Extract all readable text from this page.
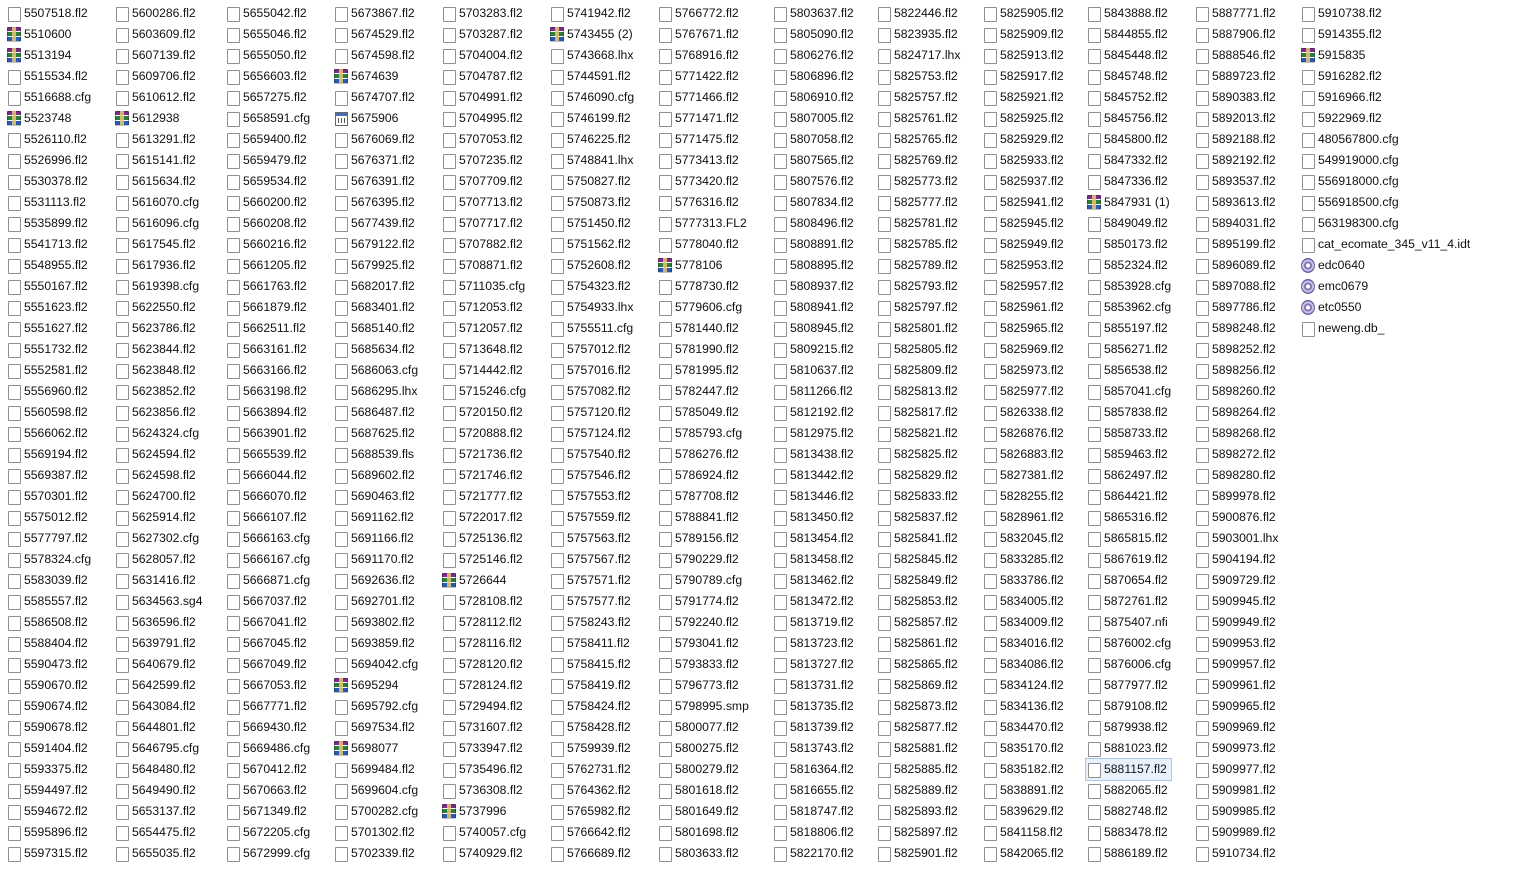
5507518.fl2
5510600
5513194
5515534.fl2
5516688.cfg
5523748
5526110.fl2
5526996.fl2
5530378.fl2
5531113.fl2
5535899.fl2
5541713.fl2
5548955.fl2
5550167.fl2
5551623.fl2
5551627.fl2
5551732.fl2
5552581.fl2
5556960.fl2
5560598.fl2
5566062.fl2
5569194.fl2
5569387.fl2
5570301.fl2
5575012.fl2
5577797.fl2
5578324.cfg
5583039.fl2
5585557.fl2
5586508.fl2
5588404.fl2
5590473.fl2
5590670.fl2
5590674.fl2
5590678.fl2
5591404.fl2
5593375.fl2
5594497.fl2
5594672.fl2
5595896.fl2
5597315.fl2
5600286.fl2
5603609.fl2
5607139.fl2
5609706.fl2
5610612.fl2
5612938
5613291.fl2
5615141.fl2
5615634.fl2
5616070.cfg
5616096.cfg
5617545.fl2
5617936.fl2
5619398.cfg
5622550.fl2
5623786.fl2
5623844.fl2
5623848.fl2
5623852.fl2
5623856.fl2
5624324.cfg
5624594.fl2
5624598.fl2
5624700.fl2
5625914.fl2
5627302.cfg
5628057.fl2
5631416.fl2
5634563.sg4
5636596.fl2
5639791.fl2
5640679.fl2
5642599.fl2
5643084.fl2
5644801.fl2
5646795.cfg
5648480.fl2
5649490.fl2
5653137.fl2
5654475.fl2
5655035.fl2
5655042.fl2
5655046.fl2
5655050.fl2
5656603.fl2
5657275.fl2
5658591.cfg
5659400.fl2
5659479.fl2
5659534.fl2
5660200.fl2
5660208.fl2
5660216.fl2
5661205.fl2
5661763.fl2
5661879.fl2
5662511.fl2
5663161.fl2
5663166.fl2
5663198.fl2
5663894.fl2
5663901.fl2
5665539.fl2
5666044.fl2
5666070.fl2
5666107.fl2
5666163.cfg
5666167.cfg
5666871.cfg
5667037.fl2
5667041.fl2
5667045.fl2
5667049.fl2
5667053.fl2
5667771.fl2
5669430.fl2
5669486.cfg
5670412.fl2
5670663.fl2
5671349.fl2
5672205.cfg
5672999.cfg
5673867.fl2
5674529.fl2
5674598.fl2
5674639
5674707.fl2
5675906
5676069.fl2
5676371.fl2
5676391.fl2
5676395.fl2
5677439.fl2
5679122.fl2
5679925.fl2
5682017.fl2
5683401.fl2
5685140.fl2
5685634.fl2
5686063.cfg
5686295.lhx
5686487.fl2
5687625.fl2
5688539.fls
5689602.fl2
5690463.fl2
5691162.fl2
5691166.fl2
5691170.fl2
5692636.fl2
5692701.fl2
5693802.fl2
5693859.fl2
5694042.cfg
5695294
5695792.cfg
5697534.fl2
5698077
5699484.fl2
5699604.cfg
5700282.cfg
5701302.fl2
5702339.fl2
5703283.fl2
5703287.fl2
5704004.fl2
5704787.fl2
5704991.fl2
5704995.fl2
5707053.fl2
5707235.fl2
5707709.fl2
5707713.fl2
5707717.fl2
5707882.fl2
5708871.fl2
5711035.cfg
5712053.fl2
5712057.fl2
5713648.fl2
5714442.fl2
5715246.cfg
5720150.fl2
5720888.fl2
5721736.fl2
5721746.fl2
5721777.fl2
5722017.fl2
5725136.fl2
5725146.fl2
5726644
5728108.fl2
5728112.fl2
5728116.fl2
5728120.fl2
5728124.fl2
5729494.fl2
5731607.fl2
5733947.fl2
5735496.fl2
5736308.fl2
5737996
5740057.cfg
5740929.fl2
5741942.fl2
5743455 (2)
5743668.lhx
5744591.fl2
5746090.cfg
5746199.fl2
5746225.fl2
5748841.lhx
5750827.fl2
5750873.fl2
5751450.fl2
5751562.fl2
5752608.fl2
5754323.fl2
5754933.lhx
5755511.cfg
5757012.fl2
5757016.fl2
5757082.fl2
5757120.fl2
5757124.fl2
5757540.fl2
5757546.fl2
5757553.fl2
5757559.fl2
5757563.fl2
5757567.fl2
5757571.fl2
5757577.fl2
5758243.fl2
5758411.fl2
5758415.fl2
5758419.fl2
5758424.fl2
5758428.fl2
5759939.fl2
5762731.fl2
5764362.fl2
5765982.fl2
5766642.fl2
5766689.fl2
5766772.fl2
5767671.fl2
5768916.fl2
5771422.fl2
5771466.fl2
5771471.fl2
5771475.fl2
5773413.fl2
5773420.fl2
5776316.fl2
5777313.FL2
5778040.fl2
5778106
5778730.fl2
5779606.cfg
5781440.fl2
5781990.fl2
5781995.fl2
5782447.fl2
5785049.fl2
5785793.cfg
5786276.fl2
5786924.fl2
5787708.fl2
5788841.fl2
5789156.fl2
5790229.fl2
5790789.cfg
5791774.fl2
5792240.fl2
5793041.fl2
5793833.fl2
5796773.fl2
5798995.smp
5800077.fl2
5800275.fl2
5800279.fl2
5801618.fl2
5801649.fl2
5801698.fl2
5803633.fl2
5803637.fl2
5805090.fl2
5806276.fl2
5806896.fl2
5806910.fl2
5807005.fl2
5807058.fl2
5807565.fl2
5807576.fl2
5807834.fl2
5808496.fl2
5808891.fl2
5808895.fl2
5808937.fl2
5808941.fl2
5808945.fl2
5809215.fl2
5810637.fl2
5811266.fl2
5812192.fl2
5812975.fl2
5813438.fl2
5813442.fl2
5813446.fl2
5813450.fl2
5813454.fl2
5813458.fl2
5813462.fl2
5813472.fl2
5813719.fl2
5813723.fl2
5813727.fl2
5813731.fl2
5813735.fl2
5813739.fl2
5813743.fl2
5816364.fl2
5816655.fl2
5818747.fl2
5818806.fl2
5822170.fl2
5822446.fl2
5823935.fl2
5824717.lhx
5825753.fl2
5825757.fl2
5825761.fl2
5825765.fl2
5825769.fl2
5825773.fl2
5825777.fl2
5825781.fl2
5825785.fl2
5825789.fl2
5825793.fl2
5825797.fl2
5825801.fl2
5825805.fl2
5825809.fl2
5825813.fl2
5825817.fl2
5825821.fl2
5825825.fl2
5825829.fl2
5825833.fl2
5825837.fl2
5825841.fl2
5825845.fl2
5825849.fl2
5825853.fl2
5825857.fl2
5825861.fl2
5825865.fl2
5825869.fl2
5825873.fl2
5825877.fl2
5825881.fl2
5825885.fl2
5825889.fl2
5825893.fl2
5825897.fl2
5825901.fl2
5825905.fl2
5825909.fl2
5825913.fl2
5825917.fl2
5825921.fl2
5825925.fl2
5825929.fl2
5825933.fl2
5825937.fl2
5825941.fl2
5825945.fl2
5825949.fl2
5825953.fl2
5825957.fl2
5825961.fl2
5825965.fl2
5825969.fl2
5825973.fl2
5825977.fl2
5826338.fl2
5826876.fl2
5826883.fl2
5827381.fl2
5828255.fl2
5828961.fl2
5832045.fl2
5833285.fl2
5833786.fl2
5834005.fl2
5834009.fl2
5834016.fl2
5834086.fl2
5834124.fl2
5834136.fl2
5834470.fl2
5835170.fl2
5835182.fl2
5838891.fl2
5839629.fl2
5841158.fl2
5842065.fl2
5843888.fl2
5844855.fl2
5845448.fl2
5845748.fl2
5845752.fl2
5845756.fl2
5845800.fl2
5847332.fl2
5847336.fl2
5847931 (1)
5849049.fl2
5850173.fl2
5852324.fl2
5853928.cfg
5853962.cfg
5855197.fl2
5856271.fl2
5856538.fl2
5857041.cfg
5857838.fl2
5858733.fl2
5859463.fl2
5862497.fl2
5864421.fl2
5865316.fl2
5865815.fl2
5867619.fl2
5870654.fl2
5872761.fl2
5875407.nfi
5876002.cfg
5876006.cfg
5877977.fl2
5879108.fl2
5879938.fl2
5881023.fl2
5881157.fl2
5882065.fl2
5882748.fl2
5883478.fl2
5886189.fl2
5887771.fl2
5887906.fl2
5888546.fl2
5889723.fl2
5890383.fl2
5892013.fl2
5892188.fl2
5892192.fl2
5893537.fl2
5893613.fl2
5894031.fl2
5895199.fl2
5896089.fl2
5897088.fl2
5897786.fl2
5898248.fl2
5898252.fl2
5898256.fl2
5898260.fl2
5898264.fl2
5898268.fl2
5898272.fl2
5898280.fl2
5899978.fl2
5900876.fl2
5903001.lhx
5904194.fl2
5909729.fl2
5909945.fl2
5909949.fl2
5909953.fl2
5909957.fl2
5909961.fl2
5909965.fl2
5909969.fl2
5909973.fl2
5909977.fl2
5909981.fl2
5909985.fl2
5909989.fl2
5910734.fl2
5910738.fl2
5914355.fl2
5915835
5916282.fl2
5916966.fl2
5922969.fl2
480567800.cfg
549919000.cfg
556918000.cfg
556918500.cfg
563198300.cfg
cat_ecomate_345_v11_4.idt
edc0640
emc0679
etc0550
neweng.db_
